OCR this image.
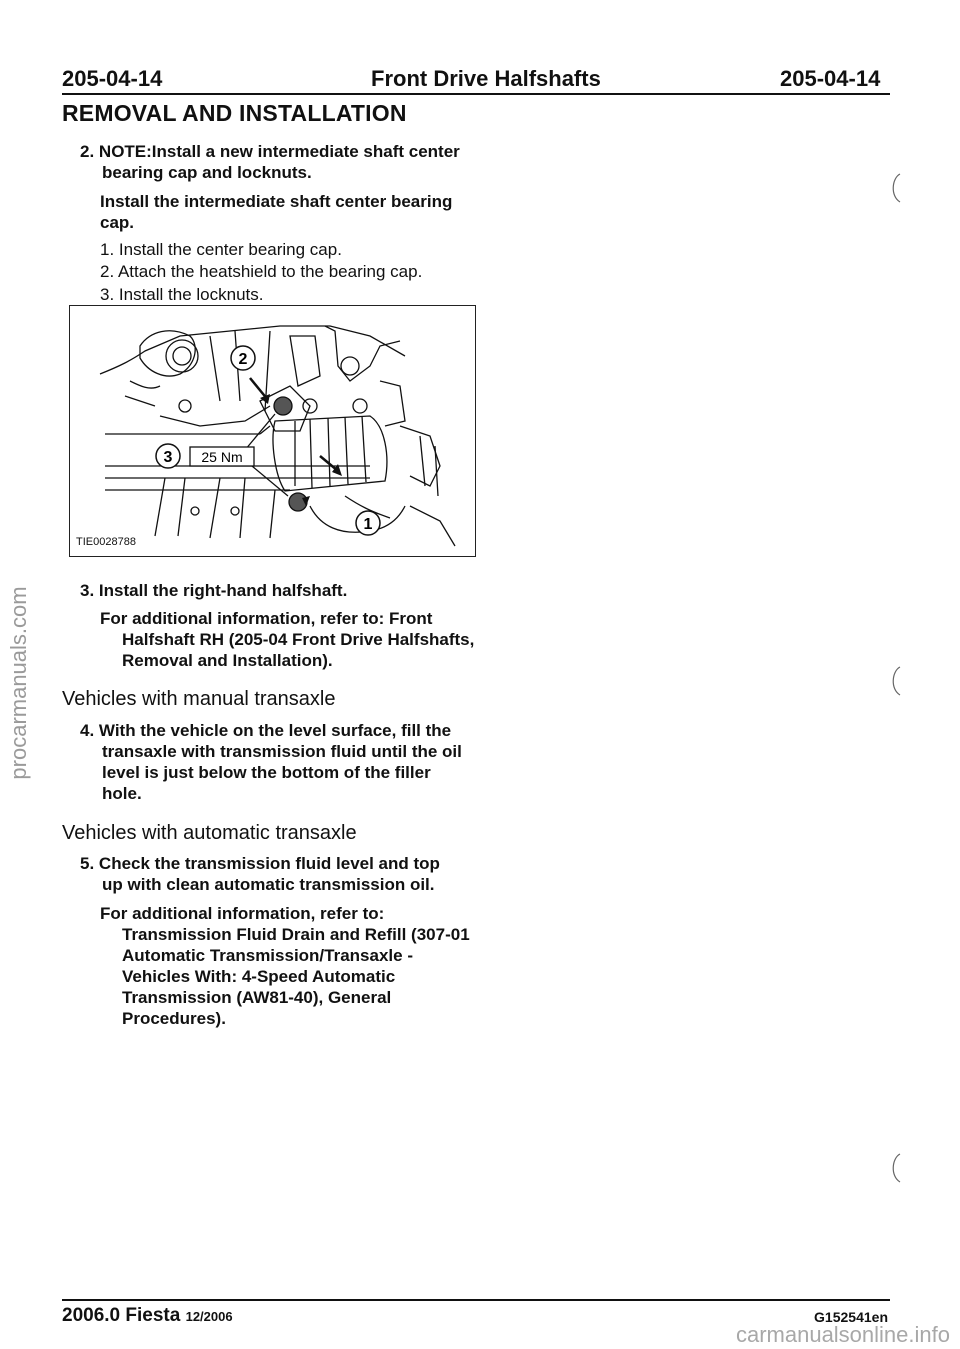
205-04-14	Front Drive Halfshafts	205-04-14
REMOVAL AND INSTALLATION
2. NOTE:Install a new intermediate shaft center

bearing cap and locknuts.
Install the intermediate shaft center bearing
cap.
1. Install the center bearing cap.
2. Attach the heatshield to the bearing cap.
3. Install the locknuts.
2
3 25 Nm
1
TIE0028788
3. Install the right-hand halfshaft.
For additional information, refer to: Front

Halfshaft RH (205-04 Front Drive Halfshafts,
Removal and Installation).
Vehicles with manual transaxle
4. With the vehicle on the level surface, fill the

transaxle with transmission fluid until the oil
level is just below the bottom of the filler
hole.
Vehicles with automatic transaxle
5. Check the transmission fluid level and top

up with clean automatic transmission oil.
For additional information, refer to:

Transmission Fluid Drain and Refill (307-01
Automatic Transmission/Transaxle -
Vehicles With: 4-Speed Automatic
Transmission (AW81-40), General
Procedures).
procarmanuals.com
2006.0 Fiesta 12/2006	G152541en
carmanualsonline.info
